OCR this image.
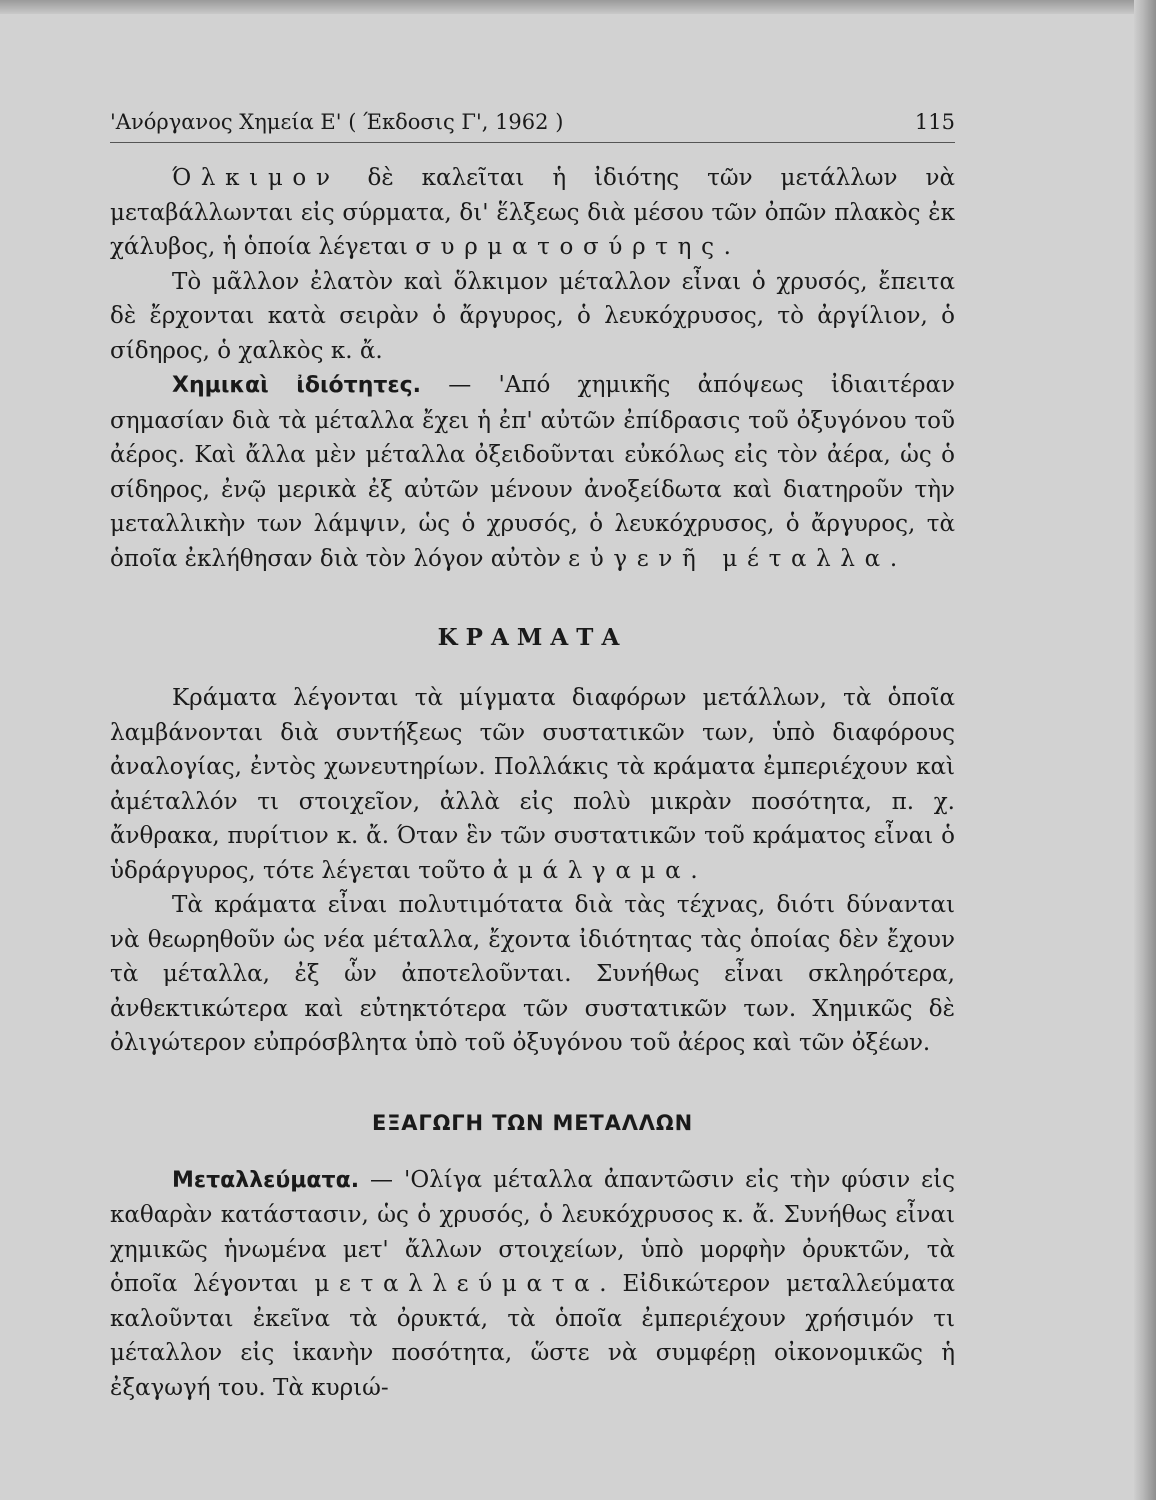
'Ανόργανος Χημεία Ε' ( Έκδοσις Γ', 1962 )	115

Όλκιμον δὲ καλεῖται ἡ ἰδιότης τῶν μετάλλων νὰ μεταβάλλωνται εἰς σύρματα, δι' ἕλξεως διὰ μέσου τῶν ὀπῶν πλακὸς ἐκ χάλυβος, ἡ ὁποία λέγεται συρματοσύρτης.

Τὸ μᾶλλον ἐλατὸν καὶ ὅλκιμον μέταλλον εἶναι ὁ χρυσός, ἔπειτα δὲ ἔρχονται κατὰ σειρὰν ὁ ἄργυρος, ὁ λευκόχρυσος, τὸ ἀργίλιον, ὁ σίδηρος, ὁ χαλκὸς κ. ἄ.

Χημικαὶ ἰδιότητες. — 'Από χημικῆς ἀπόψεως ἰδιαιτέραν σημασίαν διὰ τὰ μέταλλα ἔχει ἡ ἐπ' αὐτῶν ἐπίδρασις τοῦ ὀξυγόνου τοῦ ἀέρος. Καὶ ἄλλα μὲν μέταλλα ὀξειδοῦνται εὐκόλως εἰς τὸν ἀέρα, ὡς ὁ σίδηρος, ἐνῷ μερικὰ ἐξ αὐτῶν μένουν ἀνοξείδωτα καὶ διατηροῦν τὴν μεταλλικὴν των λάμψιν, ὡς ὁ χρυσός, ὁ λευκόχρυσος, ὁ ἄργυρος, τὰ ὁποῖα ἐκλήθησαν διὰ τὸν λόγον αὐτὸν εὐγενῆ μέταλλα.

ΚΡΑΜΑΤΑ

Κράματα λέγονται τὰ μίγματα διαφόρων μετάλλων, τὰ ὁποῖα λαμβάνονται διὰ συντήξεως τῶν συστατικῶν των, ὑπὸ διαφόρους ἀναλογίας, ἐντὸς χωνευτηρίων. Πολλάκις τὰ κράματα ἐμπεριέχουν καὶ ἀμέταλλόν τι στοιχεῖον, ἀλλὰ εἰς πολὺ μικρὰν ποσότητα, π. χ. ἄνθρακα, πυρίτιον κ. ἄ. Όταν ἓν τῶν συστατικῶν τοῦ κράματος εἶναι ὁ ὑδράργυρος, τότε λέγεται τοῦτο ἀμάλγαμα.

Τὰ κράματα εἶναι πολυτιμότατα διὰ τὰς τέχνας, διότι δύνανται νὰ θεωρηθοῦν ὡς νέα μέταλλα, ἔχοντα ἰδιότητας τὰς ὁποίας δὲν ἔχουν τὰ μέταλλα, ἐξ ὧν ἀποτελοῦνται. Συνήθως εἶναι σκληρότερα, ἀνθεκτικώτερα καὶ εὐτηκτότερα τῶν συστατικῶν των. Χημικῶς δὲ ὀλιγώτερον εὐπρόσβλητα ὑπὸ τοῦ ὀξυγόνου τοῦ ἀέρος καὶ τῶν ὀξέων.

ΕΞΑΓΩΓΗ ΤΩΝ ΜΕΤΑΛΛΩΝ

Μεταλλεύματα. — 'Ολίγα μέταλλα ἀπαντῶσιν εἰς τὴν φύσιν εἰς καθαρὰν κατάστασιν, ὡς ὁ χρυσός, ὁ λευκόχρυσος κ. ἄ. Συνήθως εἶναι χημικῶς ἡνωμένα μετ' ἄλλων στοιχείων, ὑπὸ μορφὴν ὀρυκτῶν, τὰ ὁποῖα λέγονται μεταλλεύματα. Εἰδικώτερον μεταλλεύματα καλοῦνται ἐκεῖνα τὰ ὀρυκτά, τὰ ὁποῖα ἐμπεριέχουν χρήσιμόν τι μέταλλον εἰς ἱκανὴν ποσότητα, ὥστε νὰ συμφέρῃ οἰκονομικῶς ἡ ἐξαγωγή του. Τὰ κυριώ-
